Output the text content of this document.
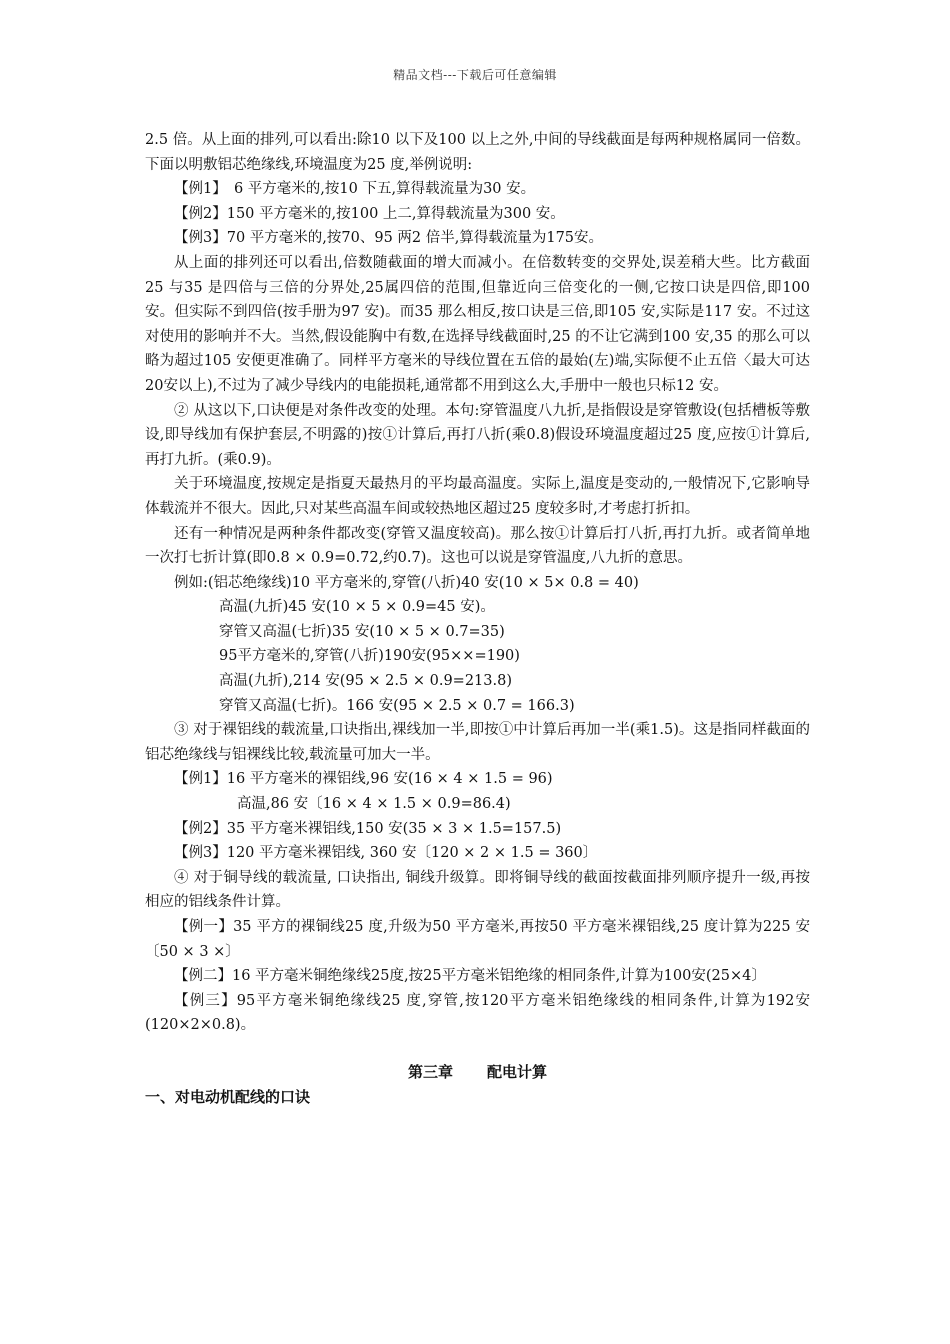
精品文档---下载后可任意编辑

2.5 倍。从上面的排列,可以看出:除10 以下及100 以上之外,中间的导线截面是每两种规格属同一倍数。下面以明敷铝芯绝缘线,环境温度为25 度,举例说明:

【例1】　6 平方毫米的,按10 下五,算得载流量为30 安。

【例2】150 平方毫米的,按100 上二,算得载流量为300 安。

【例3】70 平方毫米的,按70、95 两2 倍半,算得载流量为175安。

从上面的排列还可以看出,倍数随截面的增大而减小。在倍数转变的交界处,误差稍大些。比方截面25 与35 是四倍与三倍的分界处,25属四倍的范围,但靠近向三倍变化的一侧,它按口诀是四倍,即100 安。但实际不到四倍(按手册为97 安)。而35 那么相反,按口诀是三倍,即105 安,实际是117 安。不过这对使用的影响并不大。当然,假设能胸中有数,在选择导线截面时,25 的不让它满到100 安,35 的那么可以略为超过105 安便更准确了。同样平方毫米的导线位置在五倍的最始(左)端,实际便不止五倍〈最大可达20安以上),不过为了减少导线内的电能损耗,通常都不用到这么大,手册中一般也只标12 安。

② 从这以下,口诀便是对条件改变的处理。本句:穿管温度八九折,是指假设是穿管敷设(包括槽板等敷设,即导线加有保护套层,不明露的)按①计算后,再打八折(乘0.8)假设环境温度超过25 度,应按①计算后,再打九折。(乘0.9)。

关于环境温度,按规定是指夏天最热月的平均最高温度。实际上,温度是变动的,一般情况下,它影响导体载流并不很大。因此,只对某些高温车间或较热地区超过25 度较多时,才考虑打折扣。

还有一种情况是两种条件都改变(穿管又温度较高)。那么按①计算后打八折,再打九折。或者简单地一次打七折计算(即0.8 × 0.9=0.72,约0.7)。这也可以说是穿管温度,八九折的意思。

例如:(铝芯绝缘线)10 平方毫米的,穿管(八折)40 安(10 × 5× 0.8 = 40)

高温(九折)45 安(10 × 5 × 0.9=45 安)。

穿管又高温(七折)35 安(10 × 5 × 0.7=35)

95平方毫米的,穿管(八折)190安(95××=190)

高温(九折),214 安(95 × 2.5 × 0.9=213.8)

穿管又高温(七折)。166 安(95 × 2.5 × 0.7 = 166.3)

③ 对于裸铝线的载流量,口诀指出,裸线加一半,即按①中计算后再加一半(乘1.5)。这是指同样截面的铝芯绝缘线与铝裸线比较,载流量可加大一半。

【例1】16 平方毫米的裸铝线,96 安(16 × 4 × 1.5 = 96)

高温,86 安〔16 × 4 × 1.5 × 0.9=86.4)

【例2】35 平方毫米裸铝线,150 安(35 × 3 × 1.5=157.5)

【例3】120 平方毫米裸铝线, 360 安〔120 × 2 × 1.5 = 360〕

④ 对于铜导线的载流量, 口诀指出, 铜线升级算。即将铜导线的截面按截面排列顺序提升一级,再按相应的铝线条件计算。

【例一】35 平方的裸铜线25 度,升级为50 平方毫米,再按50 平方毫米裸铝线,25 度计算为225 安〔50 × 3 ×〕

【例二】16 平方毫米铜绝缘线25度,按25平方毫米铝绝缘的相同条件,计算为100安(25×4〕

【例三】95平方毫米铜绝缘线25 度,穿管,按120平方毫米铝绝缘线的相同条件,计算为192安(120×2×0.8)。

第三章 配电计算

一、对电动机配线的口诀
